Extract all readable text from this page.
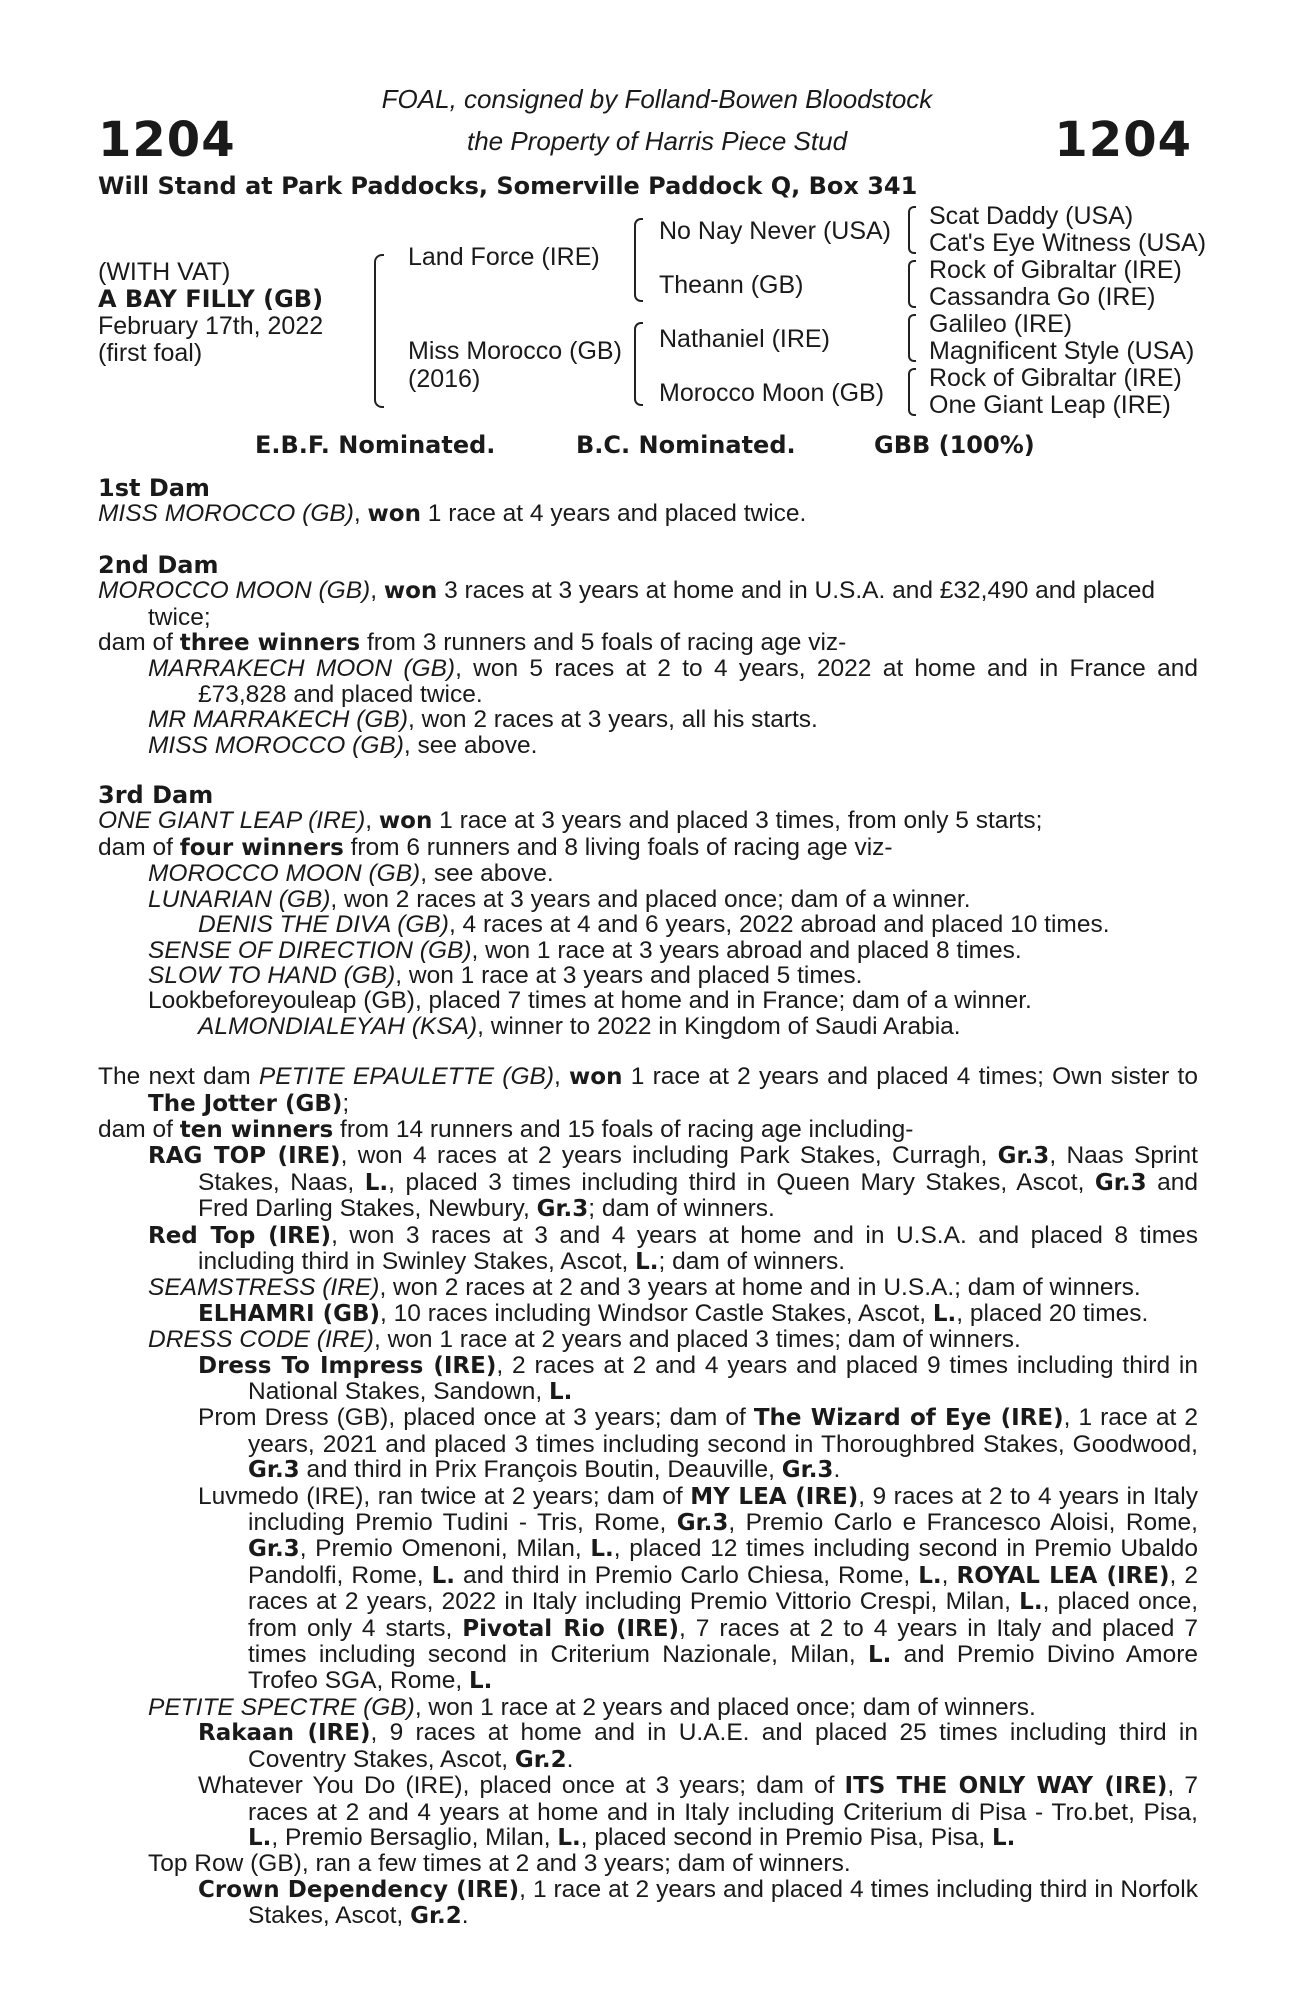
1204	1204
FOAL, consigned by Folland-Bowen Bloodstock
the Property of Harris Piece Stud
Will Stand at Park Paddocks, Somerville Paddock Q, Box 341
(WITH VAT)
A BAY FILLY (GB)
February 17th, 2022
(first foal)
Land Force (IRE)
Miss Morocco (GB)
(2016)
No Nay Never (USA)
Theann (GB)
Nathaniel (IRE)
Morocco Moon (GB)
Scat Daddy (USA)
Cat's Eye Witness (USA)
Rock of Gibraltar (IRE)
Cassandra Go (IRE)
Galileo (IRE)
Magnificent Style (USA)
Rock of Gibraltar (IRE)
One Giant Leap (IRE)
E.B.F. Nominated.	B.C. Nominated.	GBB (100%)
1st Dam
MISS MOROCCO (GB), won 1 race at 4 years and placed twice.
2nd Dam
MOROCCO MOON (GB), won 3 races at 3 years at home and in U.S.A. and £32,490 and placed twice;
dam of three winners from 3 runners and 5 foals of racing age viz-
MARRAKECH MOON (GB), won 5 races at 2 to 4 years, 2022 at home and in France and £73,828 and placed twice.
MR MARRAKECH (GB), won 2 races at 3 years, all his starts.
MISS MOROCCO (GB), see above.
3rd Dam
ONE GIANT LEAP (IRE), won 1 race at 3 years and placed 3 times, from only 5 starts;
dam of four winners from 6 runners and 8 living foals of racing age viz-
MOROCCO MOON (GB), see above.
LUNARIAN (GB), won 2 races at 3 years and placed once; dam of a winner.
DENIS THE DIVA (GB), 4 races at 4 and 6 years, 2022 abroad and placed 10 times.
SENSE OF DIRECTION (GB), won 1 race at 3 years abroad and placed 8 times.
SLOW TO HAND (GB), won 1 race at 3 years and placed 5 times.
Lookbeforeyouleap (GB), placed 7 times at home and in France; dam of a winner.
ALMONDIALEYAH (KSA), winner to 2022 in Kingdom of Saudi Arabia.
The next dam PETITE EPAULETTE (GB), won 1 race at 2 years and placed 4 times; Own sister to The Jotter (GB);
dam of ten winners from 14 runners and 15 foals of racing age including-
RAG TOP (IRE), won 4 races at 2 years including Park Stakes, Curragh, Gr.3, Naas Sprint Stakes, Naas, L., placed 3 times including third in Queen Mary Stakes, Ascot, Gr.3 and Fred Darling Stakes, Newbury, Gr.3; dam of winners.
Red Top (IRE), won 3 races at 3 and 4 years at home and in U.S.A. and placed 8 times including third in Swinley Stakes, Ascot, L.; dam of winners.
SEAMSTRESS (IRE), won 2 races at 2 and 3 years at home and in U.S.A.; dam of winners.
ELHAMRI (GB), 10 races including Windsor Castle Stakes, Ascot, L., placed 20 times.
DRESS CODE (IRE), won 1 race at 2 years and placed 3 times; dam of winners.
Dress To Impress (IRE), 2 races at 2 and 4 years and placed 9 times including third in National Stakes, Sandown, L.
Prom Dress (GB), placed once at 3 years; dam of The Wizard of Eye (IRE), 1 race at 2 years, 2021 and placed 3 times including second in Thoroughbred Stakes, Goodwood, Gr.3 and third in Prix François Boutin, Deauville, Gr.3.
Luvmedo (IRE), ran twice at 2 years; dam of MY LEA (IRE), 9 races at 2 to 4 years in Italy including Premio Tudini - Tris, Rome, Gr.3, Premio Carlo e Francesco Aloisi, Rome, Gr.3, Premio Omenoni, Milan, L., placed 12 times including second in Premio Ubaldo Pandolfi, Rome, L. and third in Premio Carlo Chiesa, Rome, L., ROYAL LEA (IRE), 2 races at 2 years, 2022 in Italy including Premio Vittorio Crespi, Milan, L., placed once, from only 4 starts, Pivotal Rio (IRE), 7 races at 2 to 4 years in Italy and placed 7 times including second in Criterium Nazionale, Milan, L. and Premio Divino Amore Trofeo SGA, Rome, L.
PETITE SPECTRE (GB), won 1 race at 2 years and placed once; dam of winners.
Rakaan (IRE), 9 races at home and in U.A.E. and placed 25 times including third in Coventry Stakes, Ascot, Gr.2.
Whatever You Do (IRE), placed once at 3 years; dam of ITS THE ONLY WAY (IRE), 7 races at 2 and 4 years at home and in Italy including Criterium di Pisa - Tro.bet, Pisa, L., Premio Bersaglio, Milan, L., placed second in Premio Pisa, Pisa, L.
Top Row (GB), ran a few times at 2 and 3 years; dam of winners.
Crown Dependency (IRE), 1 race at 2 years and placed 4 times including third in Norfolk Stakes, Ascot, Gr.2.
